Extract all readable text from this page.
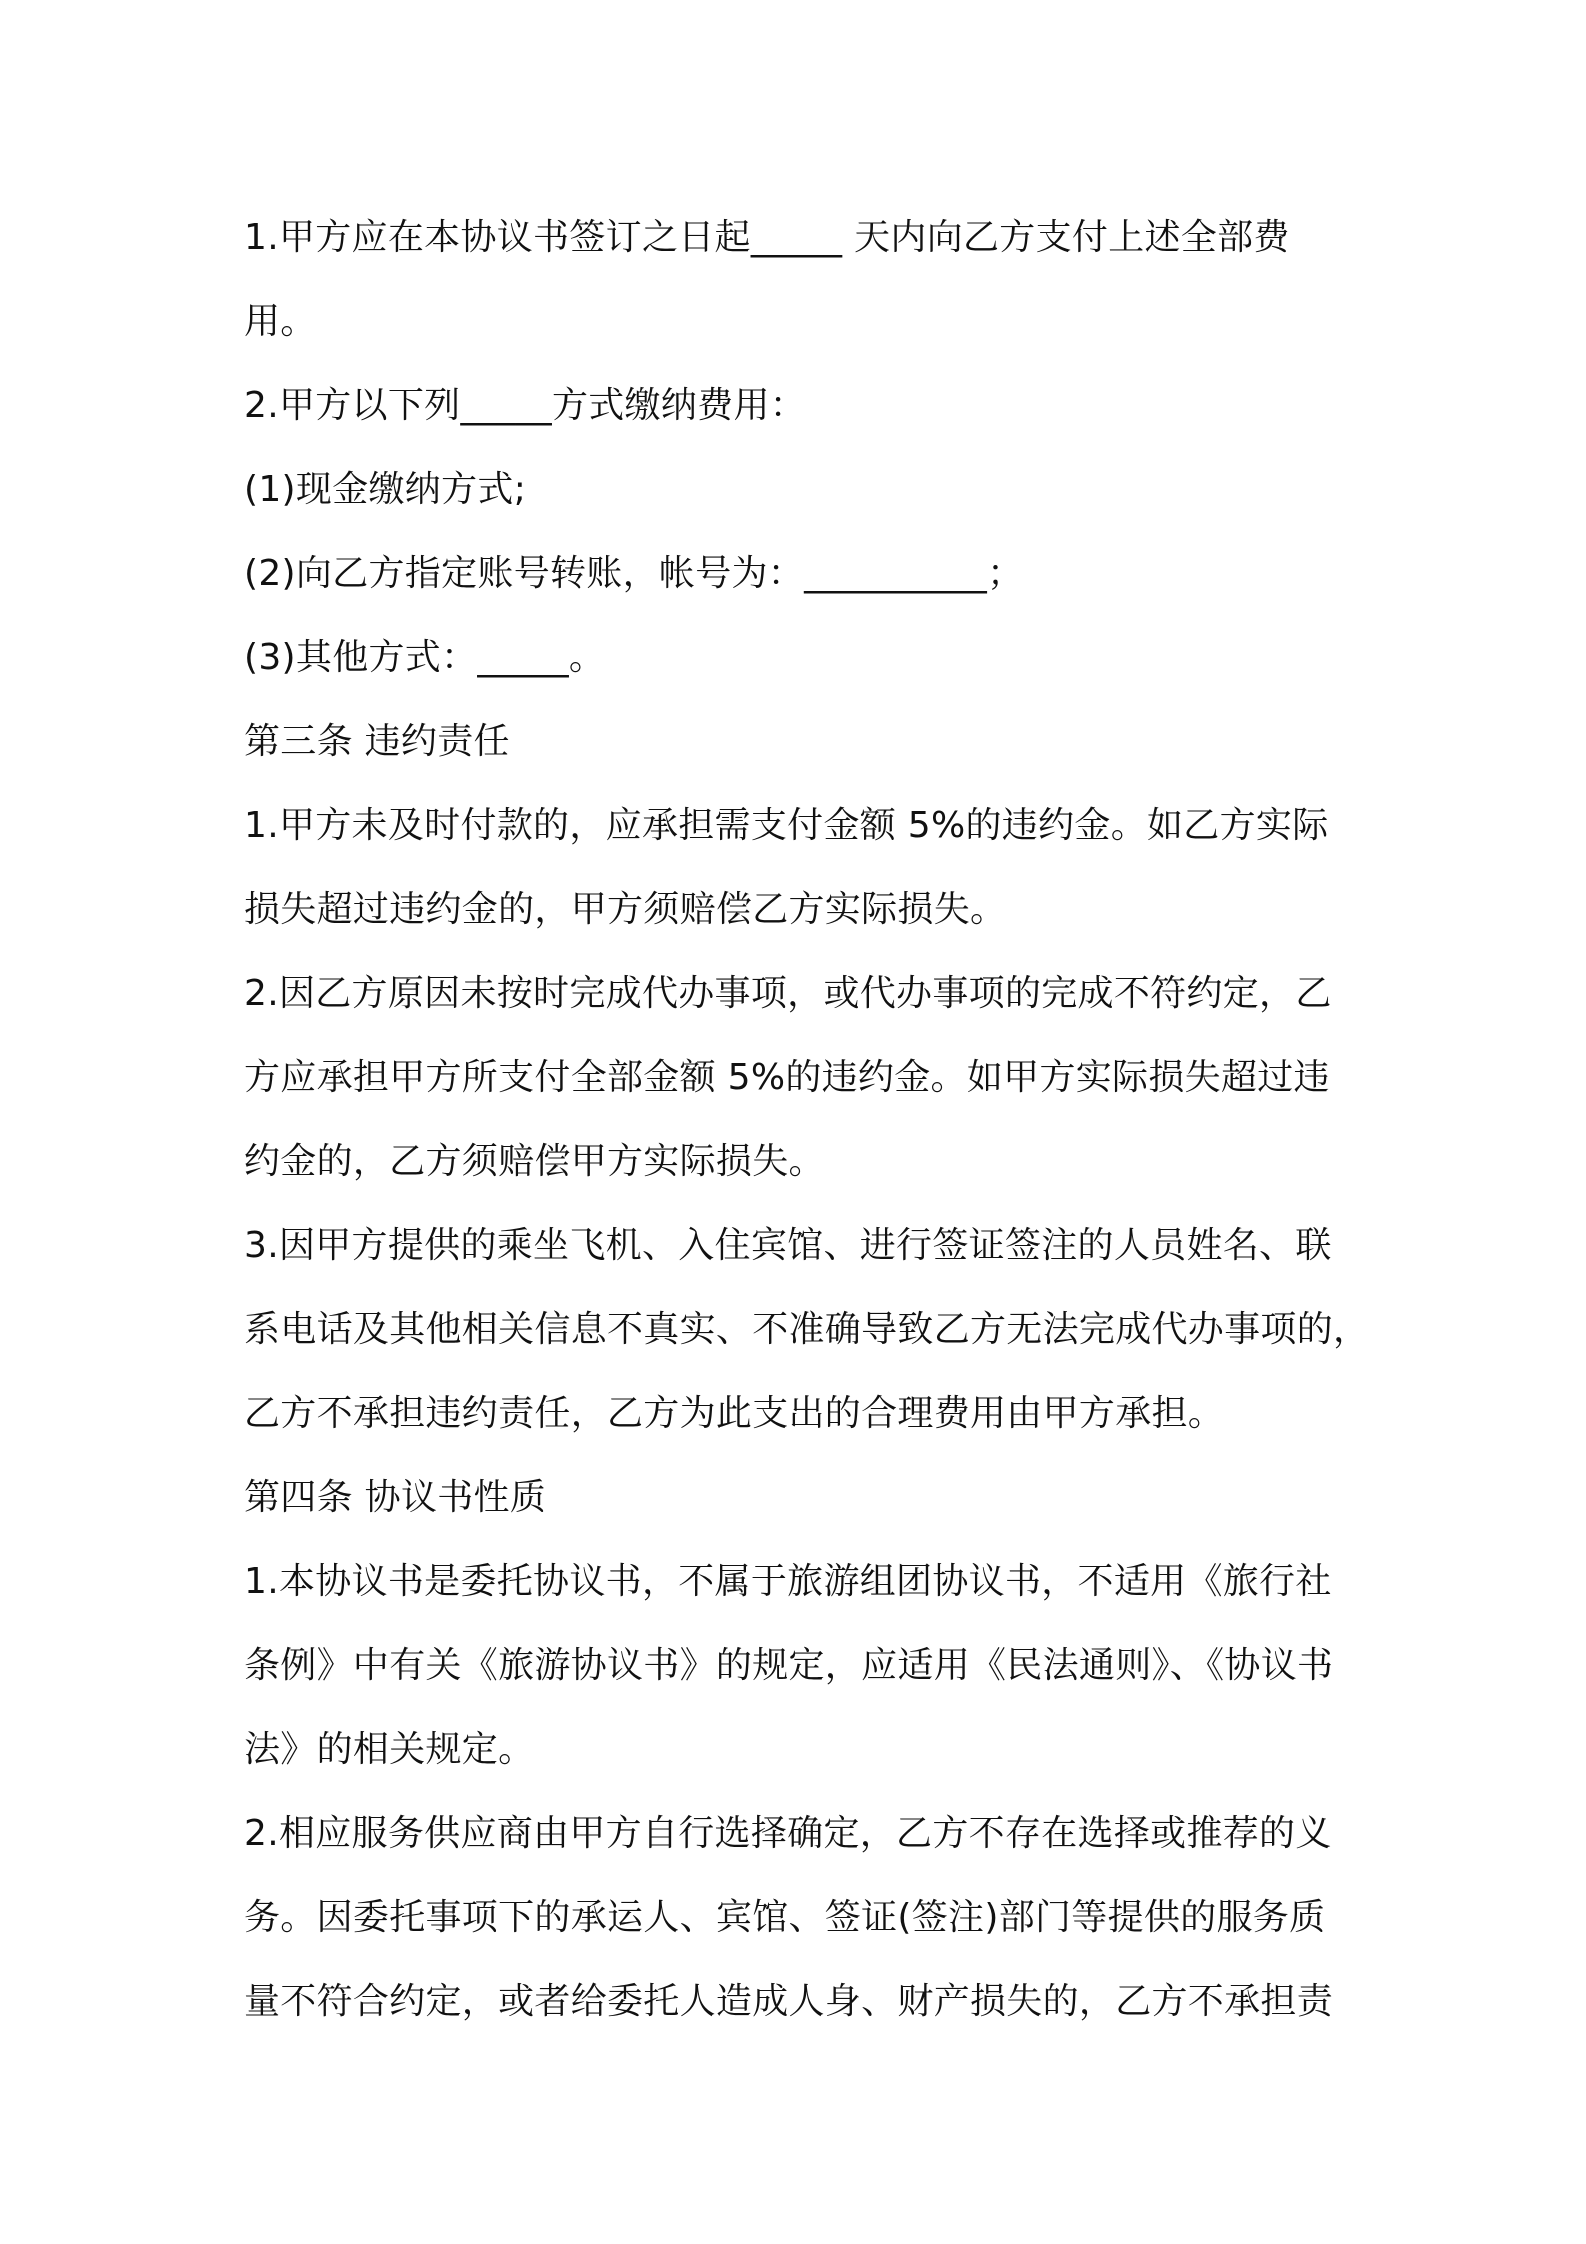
1.甲方应在本协议书签订之日起_____ 天内向乙方支付上述全部费
用。
2.甲方以下列_____方式缴纳费用：
(1)现金缴纳方式;
(2)向乙方指定账号转账，帐号为：__________；
(3)其他方式：_____。
第三条 违约责任
1.甲方未及时付款的，应承担需支付金额 5%的违约金。如乙方实际
损失超过违约金的，甲方须赔偿乙方实际损失。
2.因乙方原因未按时完成代办事项，或代办事项的完成不符约定，乙
方应承担甲方所支付全部金额 5%的违约金。如甲方实际损失超过违
约金的，乙方须赔偿甲方实际损失。
3.因甲方提供的乘坐飞机、入住宾馆、进行签证签注的人员姓名、联
系电话及其他相关信息不真实、不准确导致乙方无法完成代办事项的，
乙方不承担违约责任，乙方为此支出的合理费用由甲方承担。
第四条 协议书性质
1.本协议书是委托协议书，不属于旅游组团协议书，不适用《旅行社
条例》中有关《旅游协议书》的规定，应适用《民法通则》、《协议书
法》的相关规定。
2.相应服务供应商由甲方自行选择确定，乙方不存在选择或推荐的义
务。因委托事项下的承运人、宾馆、签证(签注)部门等提供的服务质
量不符合约定，或者给委托人造成人身、财产损失的，乙方不承担责
